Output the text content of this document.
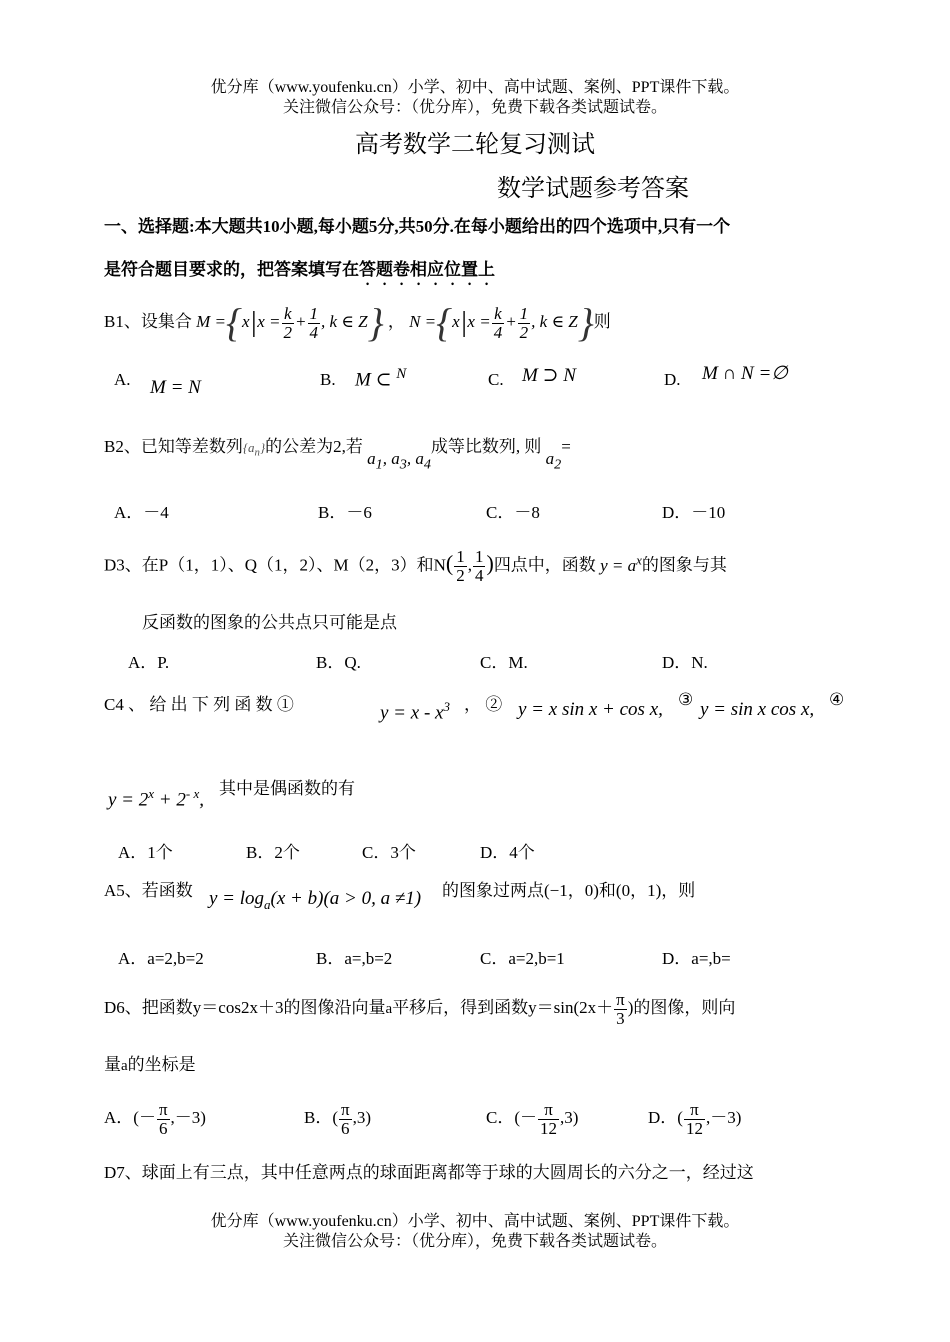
优分库（www.youfenku.cn）小学、初中、高中试题、案例、PPT课件下载。
关注微信公众号：（优分库），免费下载各类试题试卷。
高考数学二轮复习测试
数学试题参考答案
一、选择题:本大题共10小题,每小题5分,共50分.在每小题给出的四个选项中,只有一个
是符合题目要求的，把答案填写在答题卷相应位置上
B1、设集合 $M =\{x|x = \frac{k}{2} + \frac{1}{4}$ , k ∈ Z} ， $N =\{x|x = \frac{k}{4} + \frac{1}{2}$ , k ∈ Z}则
A. M = N	B. M ⊂ $^N$	C. M ⊃ N	D. M ∩ N =∅
B2、已知等差数列$\{a_n\}$的公差为2,若 $a_1$, $a_3$, $a_4$成等比数列, 则 $a_2=$
A．－4	B．－6	C．－8	D．－10
D3、在P（1，1）、Q（1，2）、M（2，3）和$N( \frac{1}{2}$ , $\frac{1}{4}$ )四点中，函数 $y = a^x$的图象与其
反函数的图象的公共点只可能是点
A．P.	B．Q.	C．M.	D．N.
C4 、 给 出 下 列 函 数 ①	$y = x - x^3$ ， ② y = x sin x + cos x, ③ y = sin x cos x, ④
$y = 2^x + 2^{- x}$,
其中是偶函数的有
A．1个	B．2个	C．3个	D．4个
A5、若函数 $y = \log_a(x + b)(a > 0$, a ≠1) 的图象过两点(−1，0)和(0，1)，则
A．a=2,b=2	B．a=,b=2	C．a=2,b=1	D．a=,b=
D6、把函数y＝cos2x＋3的图像沿向量a平移后，得到函数$y=\sin(2x+ \frac{\pi}{3}$ )的图像，则向
量a的坐标是
A．(－ $\frac{\pi}{6} ,-3$)	B．( $\frac{\pi}{6} ,3$)	C．(－ $\frac{\pi}{12} ,3$)	D．( $\frac{\pi}{12} ,-3$)
D7、球面上有三点，其中任意两点的球面距离都等于球的大圆周长的六分之一，经过这
优分库（www.youfenku.cn）小学、初中、高中试题、案例、PPT课件下载。
关注微信公众号：（优分库），免费下载各类试题试卷。
